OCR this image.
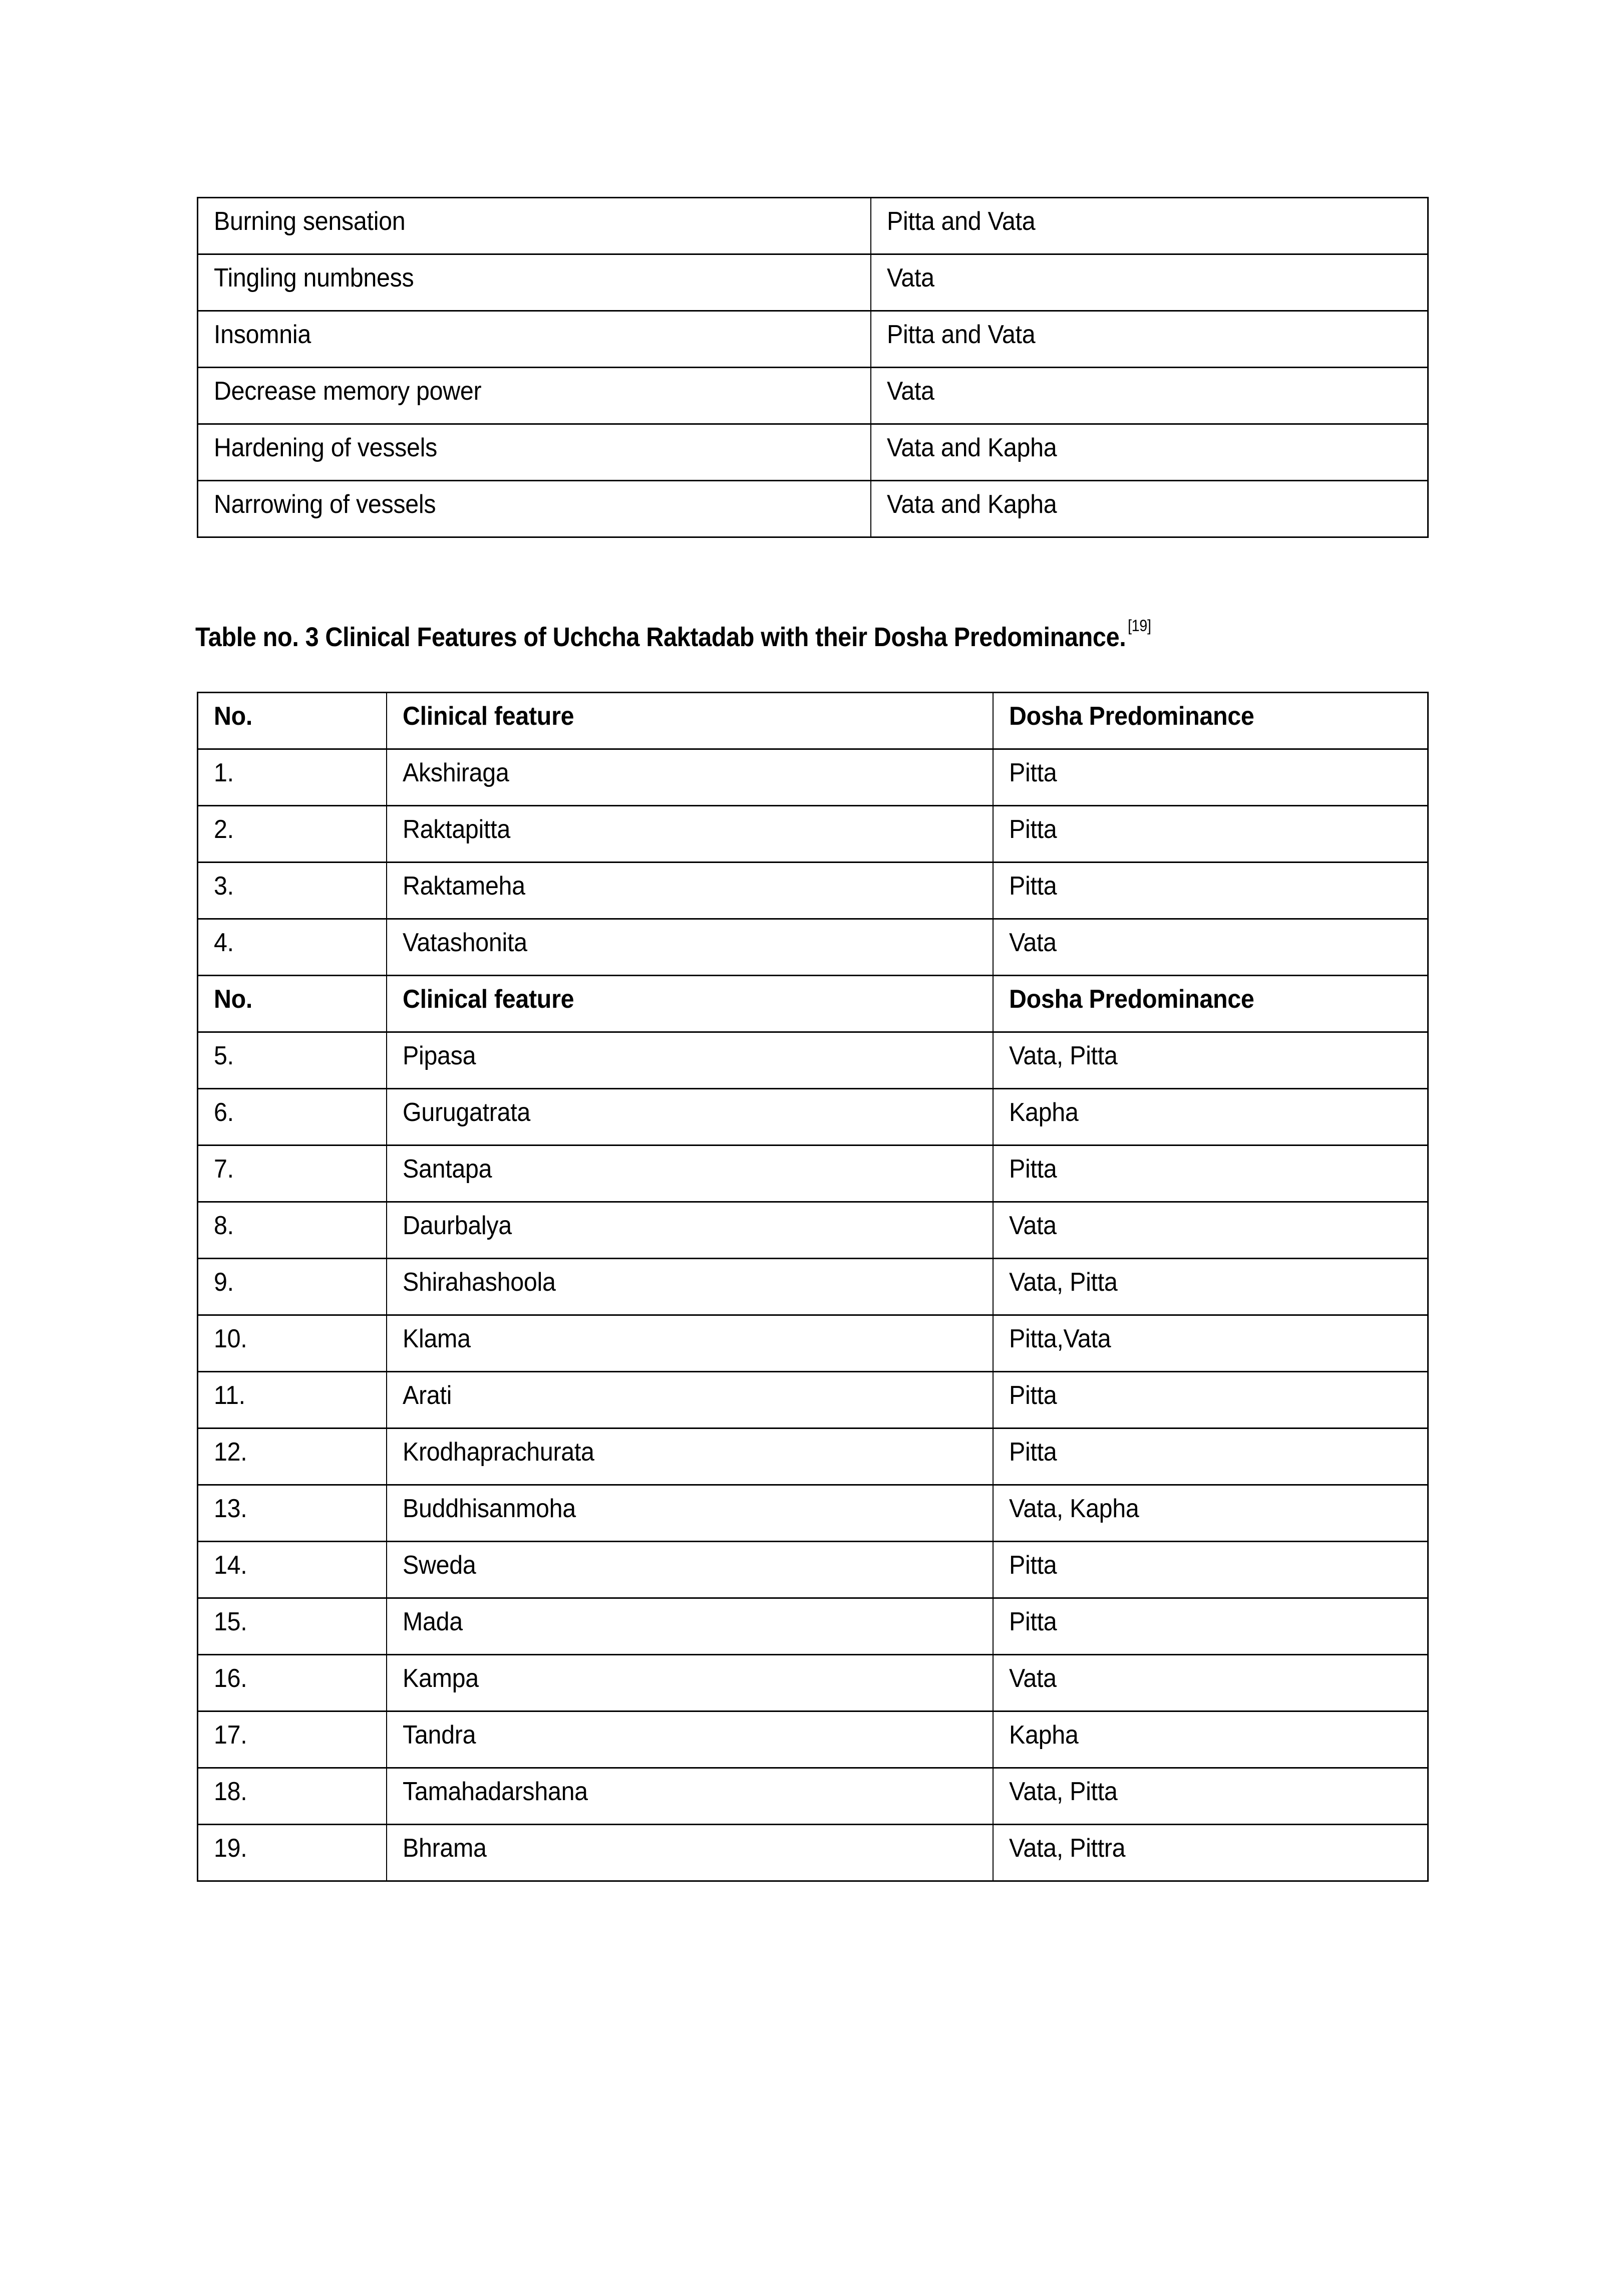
Burning sensation	Pitta and Vata
Tingling numbness	Vata
Insomnia	Pitta and Vata
Decrease memory power	Vata
Hardening of vessels	Vata and Kapha
Narrowing of vessels	Vata and Kapha
Table no. 3 Clinical Features of Uchcha Raktadab with their Dosha Predominance. [19]
No.	Clinical feature	Dosha Predominance
1.	Akshiraga	Pitta
2.	Raktapitta	Pitta
3.	Raktameha	Pitta
4.	Vatashonita	Vata
No.	Clinical feature	Dosha Predominance
5.	Pipasa	Vata, Pitta
6.	Gurugatrata	Kapha
7.	Santapa	Pitta
8.	Daurbalya	Vata
9.	Shirahashoola	Vata, Pitta
10.	Klama	Pitta,Vata
11.	Arati	Pitta
12.	Krodhaprachurata	Pitta
13.	Buddhisanmoha	Vata, Kapha
14.	Sweda	Pitta
15.	Mada	Pitta
16.	Kampa	Vata
17.	Tandra	Kapha
18.	Tamahadarshana	Vata, Pitta
19.	Bhrama	Vata, Pittra
